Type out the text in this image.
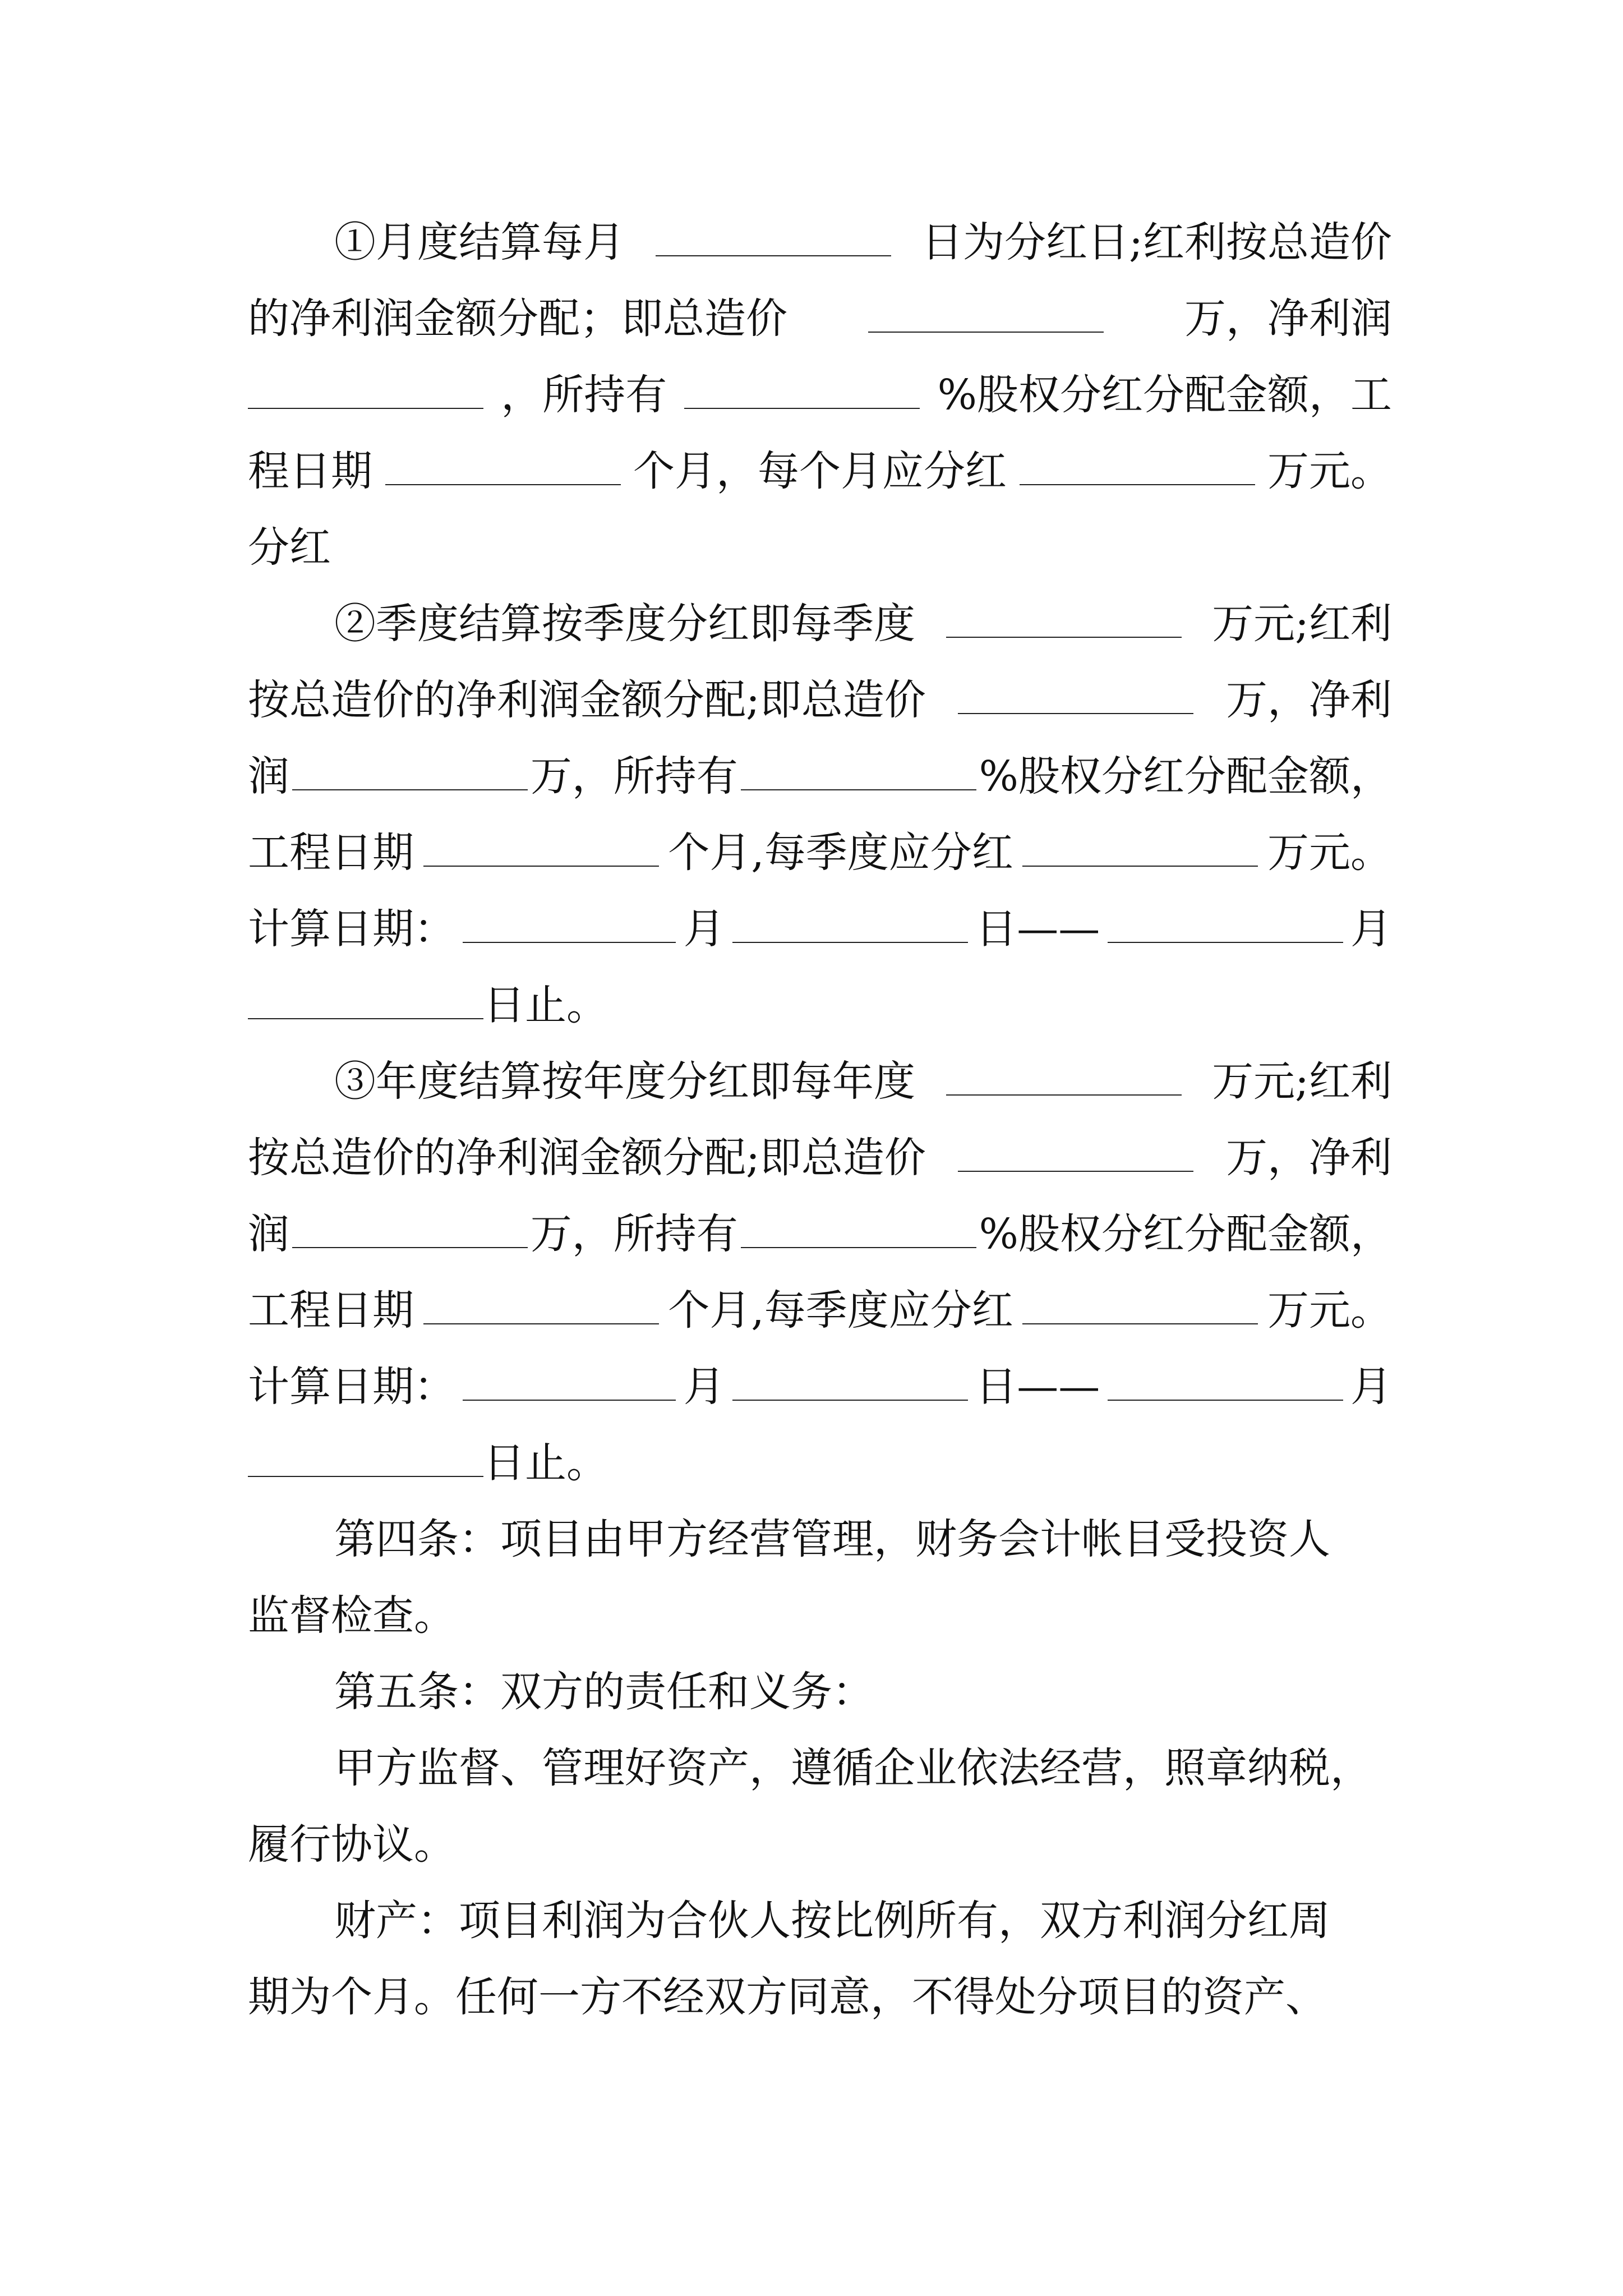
①月度结算每月	日为分红日;红利按总造价
的净利润金额分配；即总造价	万，净利润
，所持有	%股权分红分配金额，工
程日期	个月，每个月应分红	万元。
分红
②季度结算按季度分红即每季度	万元;红利
按总造价的净利润金额分配;即总造价	万，净利
润	万，所持有	%股权分红分配金额，
工程日期	个月,每季度应分红	万元。
计算日期：	月	日——	月
日止。
③年度结算按年度分红即每年度	万元;红利
按总造价的净利润金额分配;即总造价	万，净利
润	万，所持有	%股权分红分配金额，
工程日期	个月,每季度应分红	万元。
计算日期：	月	日——	月
日止。
第四条：项目由甲方经营管理，财务会计帐目受投资人
监督检查。
第五条：双方的责任和义务：
甲方监督、管理好资产，遵循企业依法经营，照章纳税，
履行协议。
财产：项目利润为合伙人按比例所有，双方利润分红周
期为个月。任何一方不经双方同意，不得处分项目的资产、
